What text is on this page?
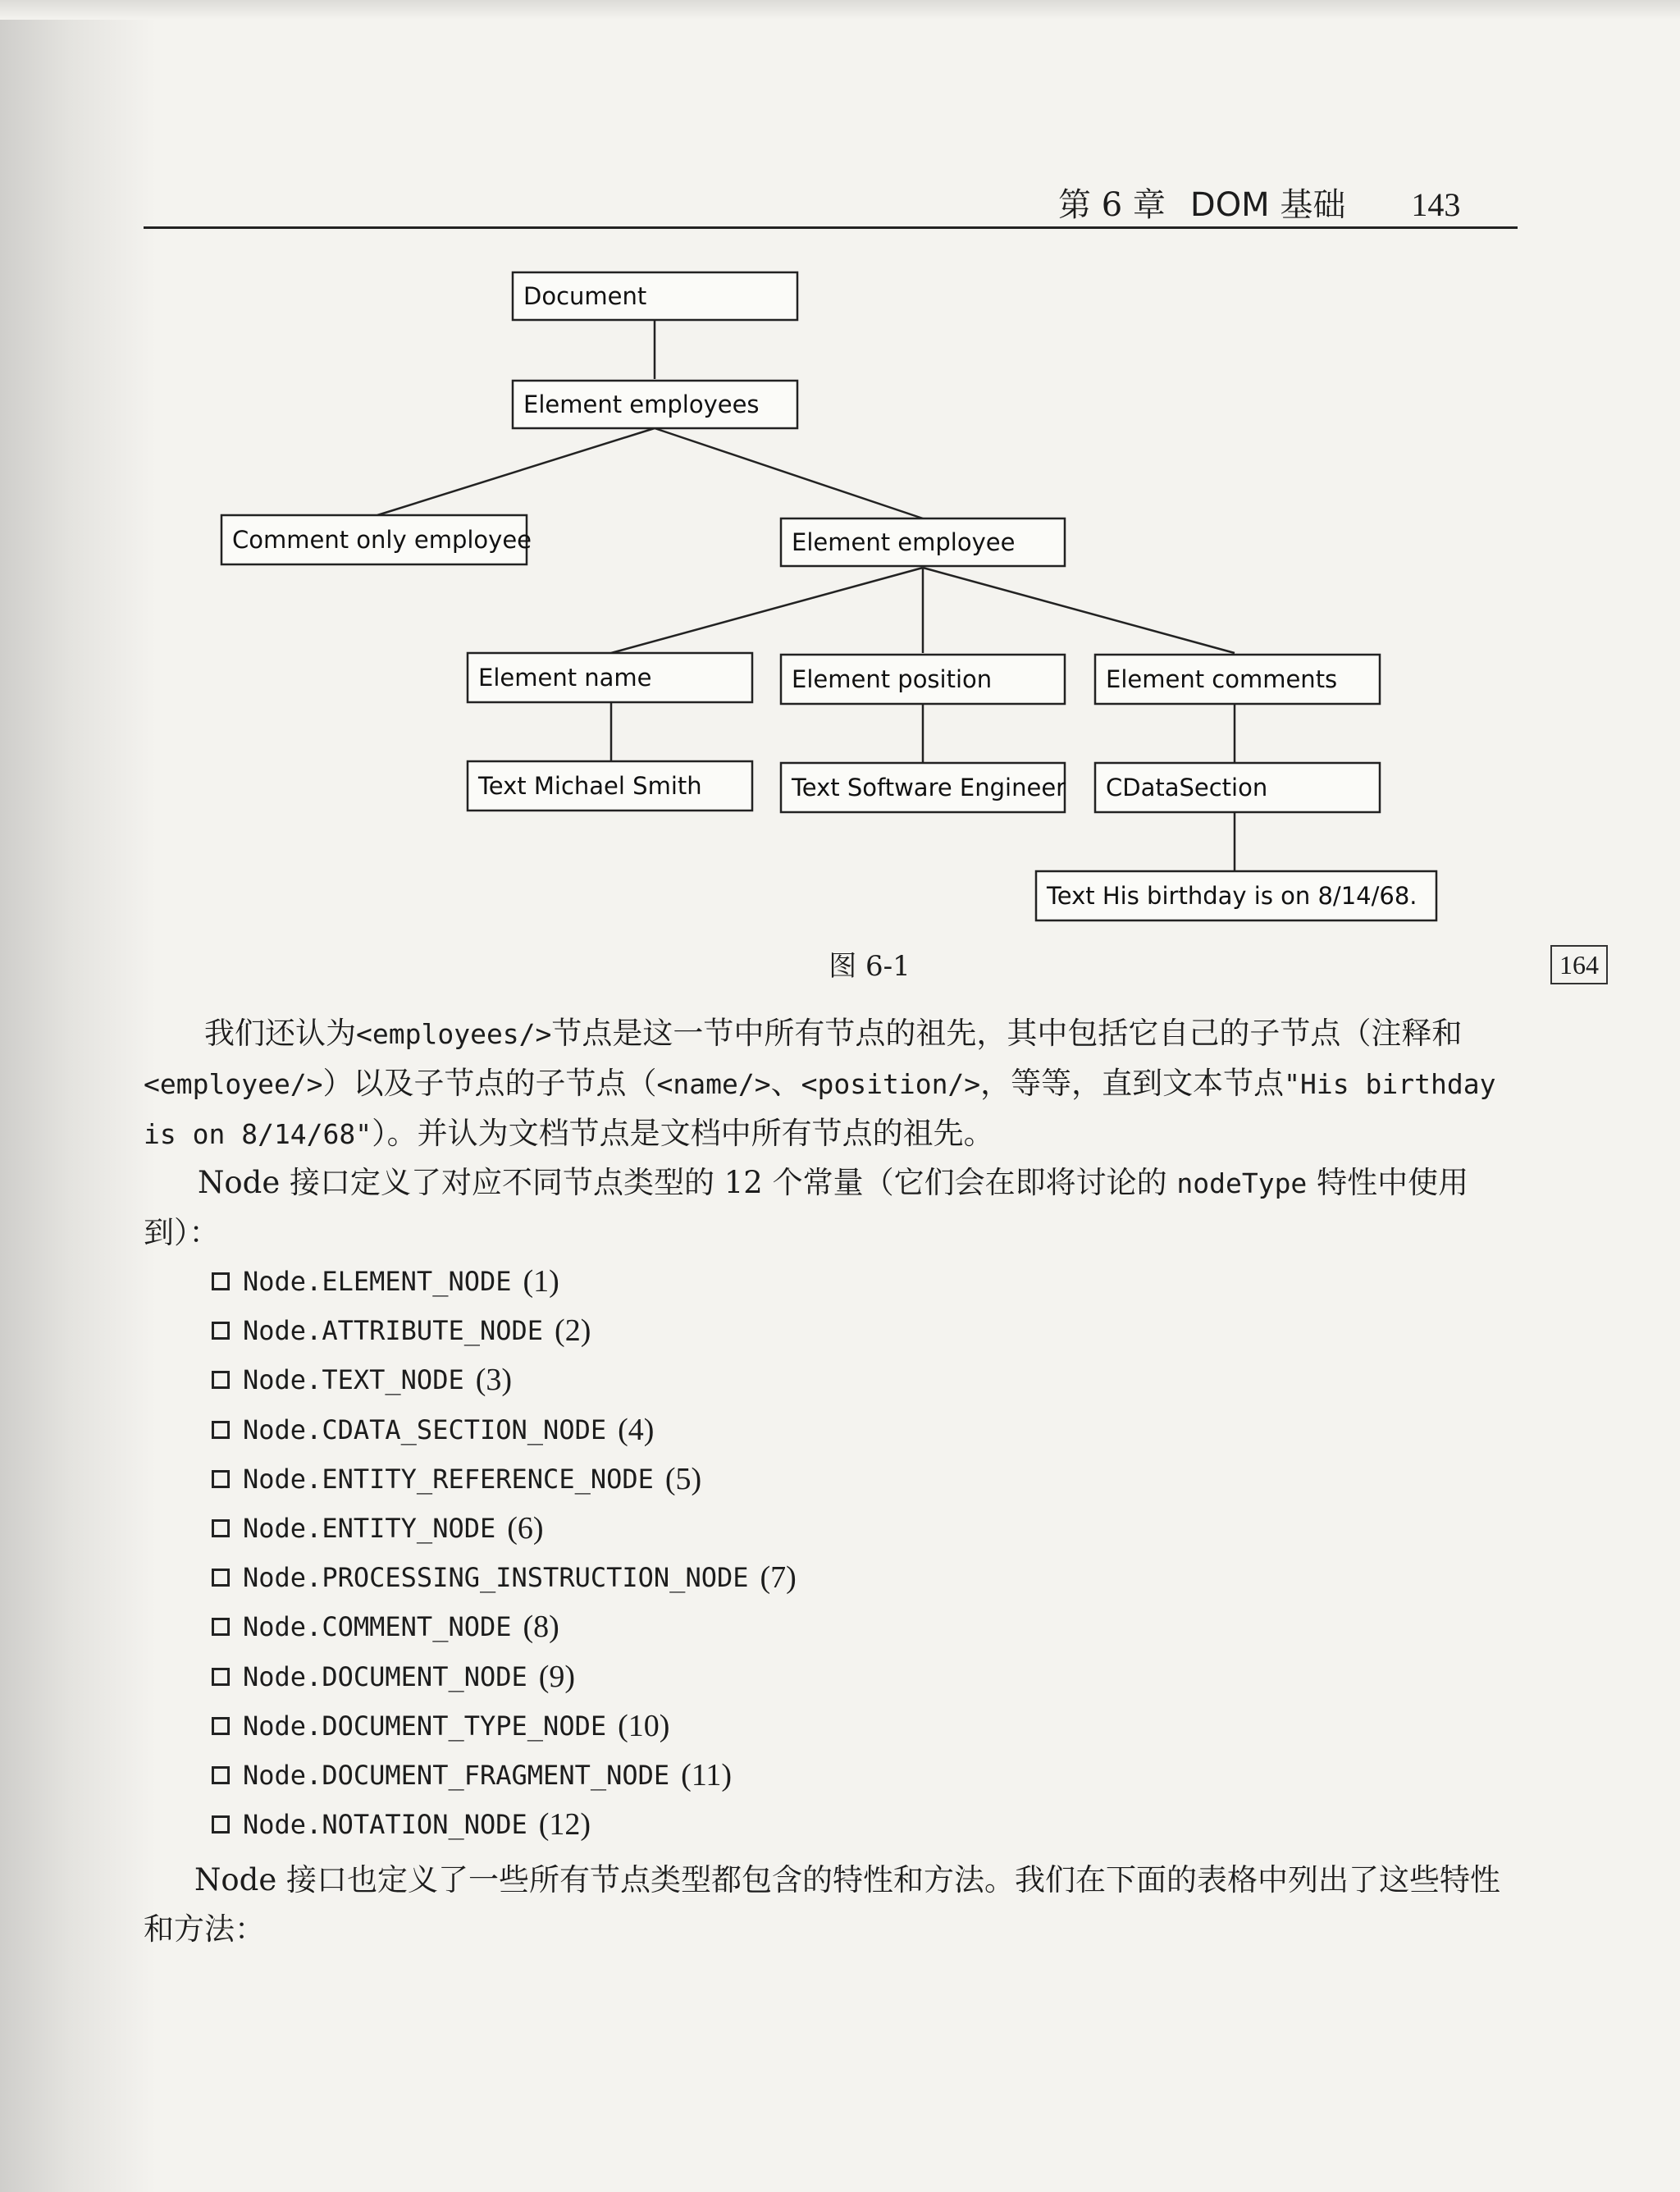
第 6 章 DOM 基础 143
Document
Element employees
Comment only employee	Element employee
Element name	Element position	Element comments
Text Michael Smith	Text Software Engineer CDataSection
Text His birthday is on 8/14/68.
图 6-1	164
我们还认为<employees/>节点是这一节中所有节点的祖先，其中包括它自己的子节点（注释和<employee/>）以及子节点的子节点（<name/>、<position/>，等等，直到文本节点"His birthday is on 8/14/68"）。并认为文档节点是文档中所有节点的祖先。
Node 接口定义了对应不同节点类型的 12 个常量（它们会在即将讨论的 nodeType 特性中使用到）：
Node.ELEMENT_NODE (1)
Node.ATTRIBUTE_NODE (2)
Node.TEXT_NODE (3)
Node.CDATA_SECTION_NODE (4)
Node.ENTITY_REFERENCE_NODE (5)
Node.ENTITY_NODE (6)
Node.PROCESSING_INSTRUCTION_NODE (7)
Node.COMMENT_NODE (8)
Node.DOCUMENT_NODE (9)
Node.DOCUMENT_TYPE_NODE (10)
Node.DOCUMENT_FRAGMENT_NODE (11)
Node.NOTATION_NODE (12)
Node 接口也定义了一些所有节点类型都包含的特性和方法。我们在下面的表格中列出了这些特性和方法：
